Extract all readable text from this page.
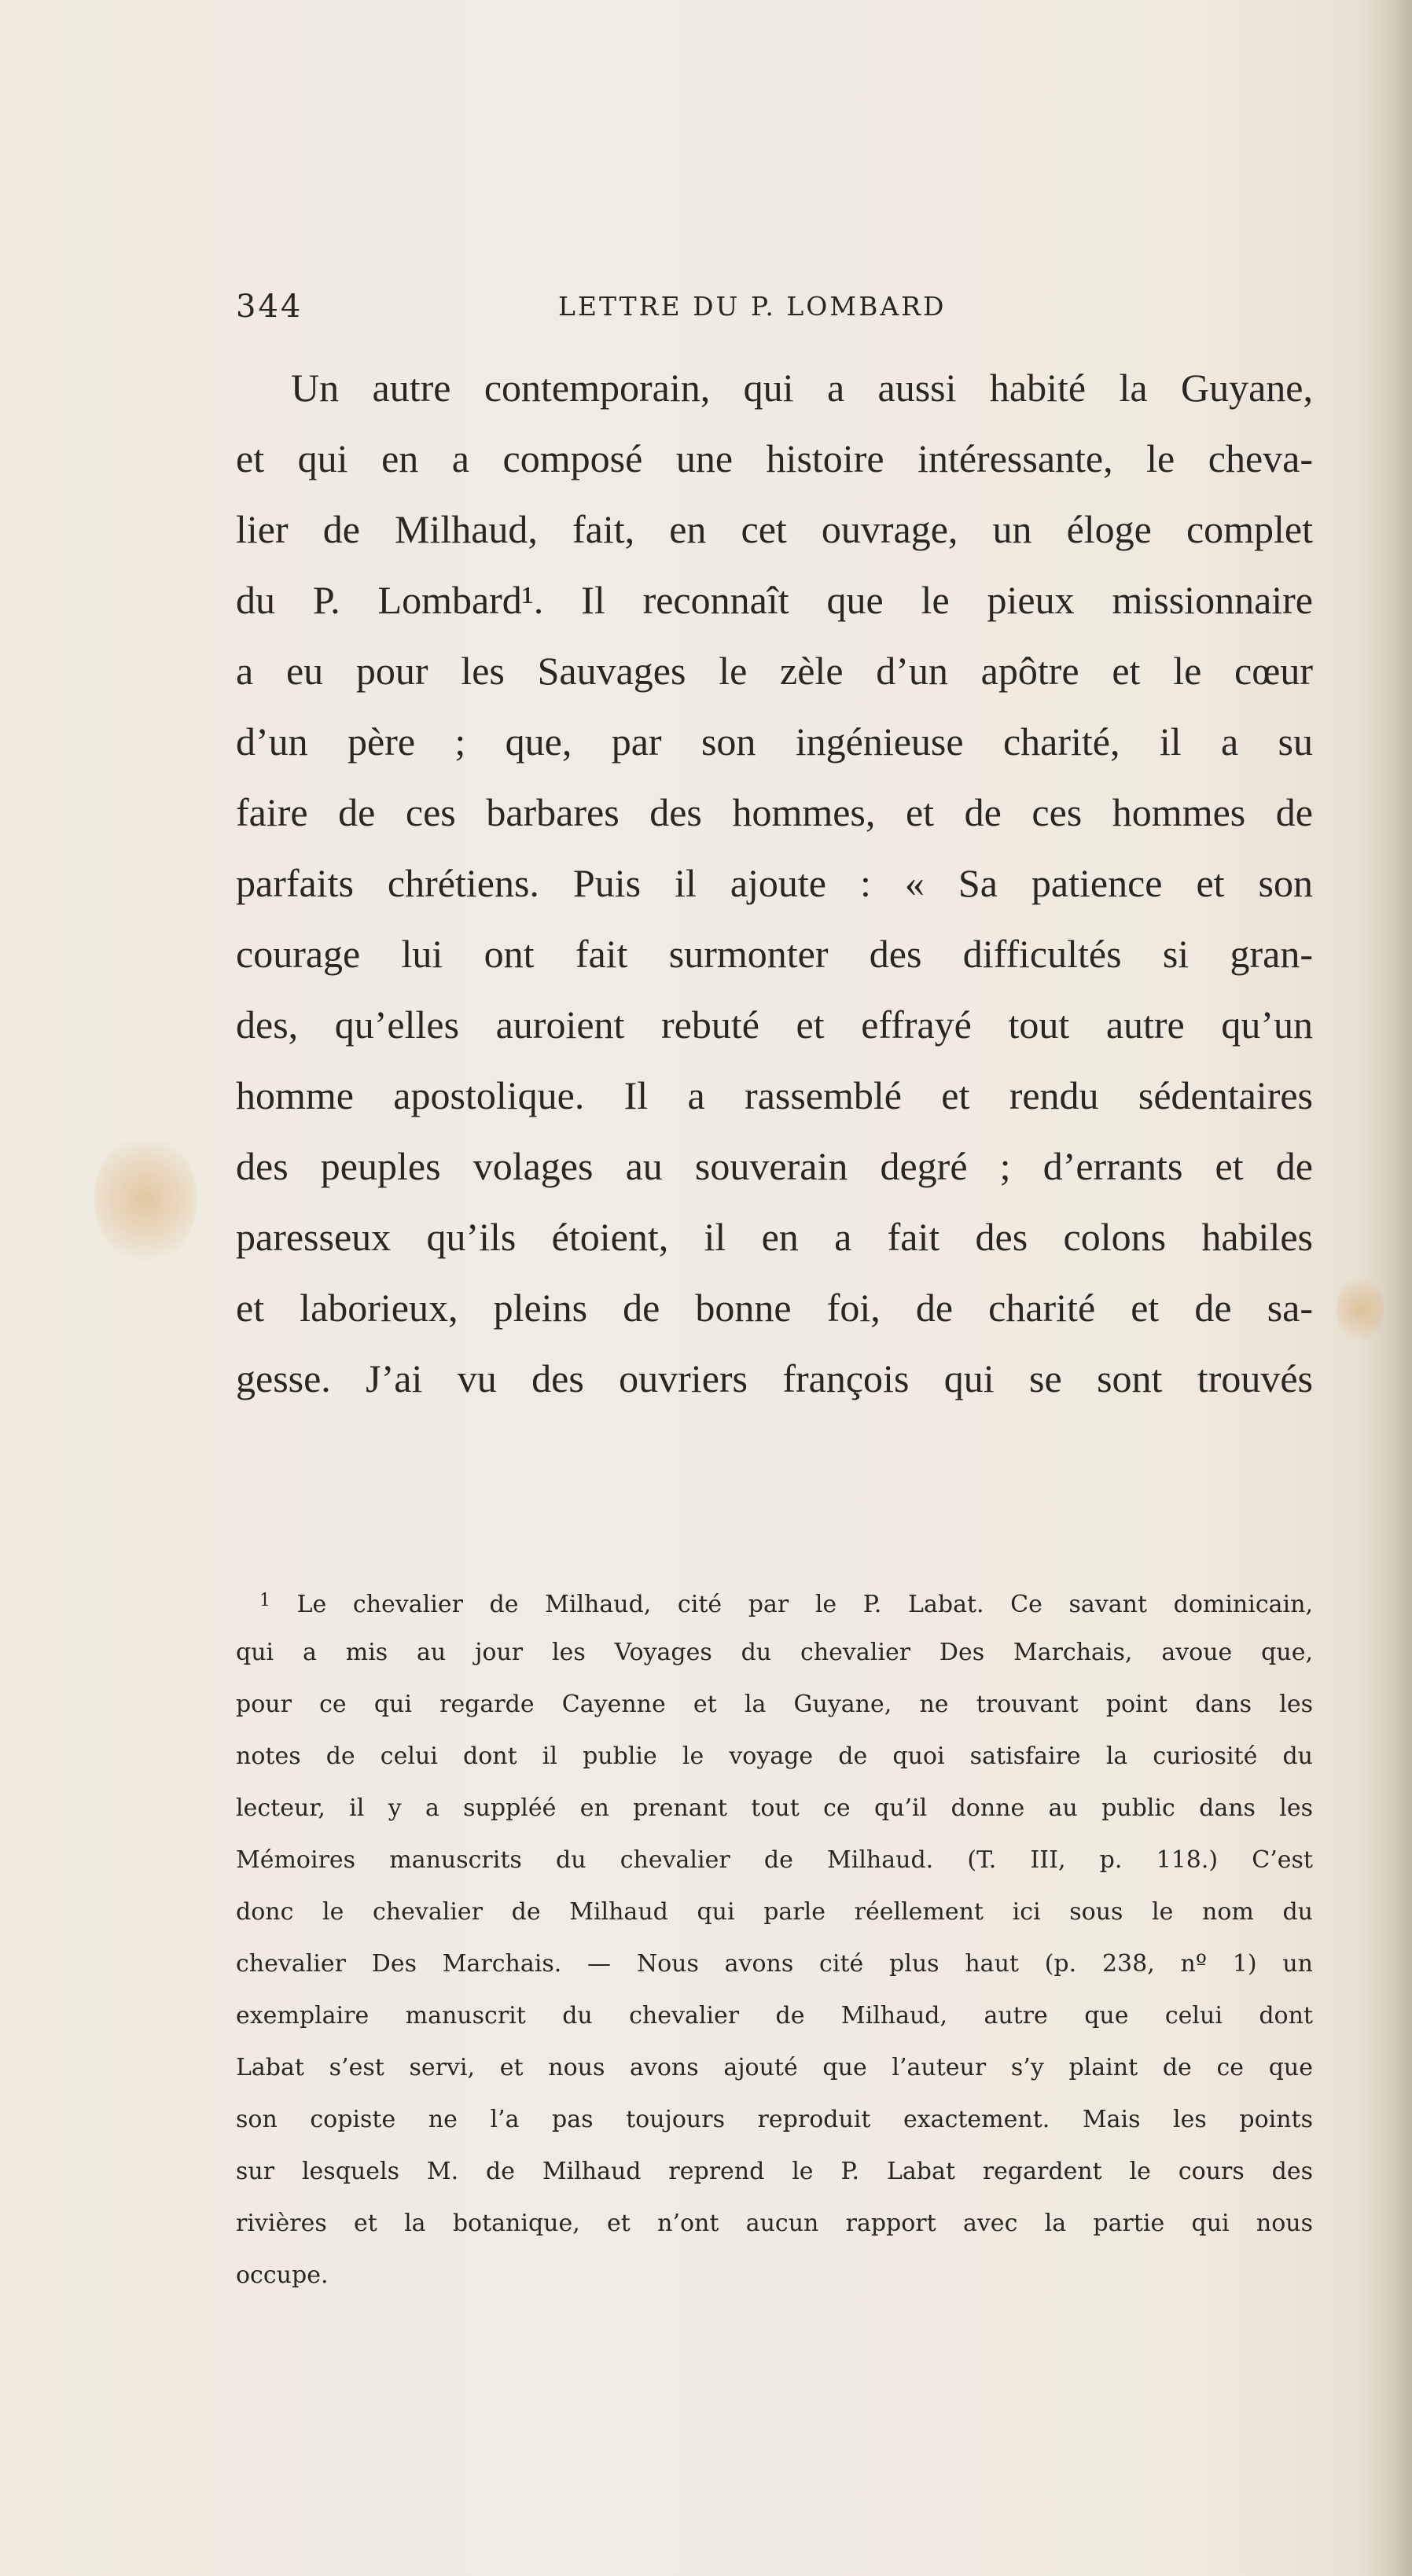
344	LETTRE DU P. LOMBARD
Un autre contemporain, qui a aussi habité la Guyane,
et qui en a composé une histoire intéressante, le cheva-
lier de Milhaud, fait, en cet ouvrage, un éloge complet
du P. Lombard¹. Il reconnaît que le pieux missionnaire
a eu pour les Sauvages le zèle d’un apôtre et le cœur
d’un père ; que, par son ingénieuse charité, il a su
faire de ces barbares des hommes, et de ces hommes de
parfaits chrétiens. Puis il ajoute : « Sa patience et son
courage lui ont fait surmonter des difficultés si gran-
des, qu’elles auroient rebuté et effrayé tout autre qu’un
homme apostolique. Il a rassemblé et rendu sédentaires
des peuples volages au souverain degré ; d’errants et de
paresseux qu’ils étoient, il en a fait des colons habiles
et laborieux, pleins de bonne foi, de charité et de sa-
gesse. J’ai vu des ouvriers françois qui se sont trouvés
$^1$ Le chevalier de Milhaud, cité par le P. Labat. Ce savant dominicain,
qui a mis au jour les Voyages du chevalier Des Marchais, avoue que,
pour ce qui regarde Cayenne et la Guyane, ne trouvant point dans les
notes de celui dont il publie le voyage de quoi satisfaire la curiosité du
lecteur, il y a suppléé en prenant tout ce qu’il donne au public dans les
Mémoires manuscrits du chevalier de Milhaud. (T. III, p. 118.) C’est
donc le chevalier de Milhaud qui parle réellement ici sous le nom du
chevalier Des Marchais. — Nous avons cité plus haut (p. 238, nº 1) un
exemplaire manuscrit du chevalier de Milhaud, autre que celui dont
Labat s’est servi, et nous avons ajouté que l’auteur s’y plaint de ce que
son copiste ne l’a pas toujours reproduit exactement. Mais les points
sur lesquels M. de Milhaud reprend le P. Labat regardent le cours des
rivières et la botanique, et n’ont aucun rapport avec la partie qui nous
occupe.
